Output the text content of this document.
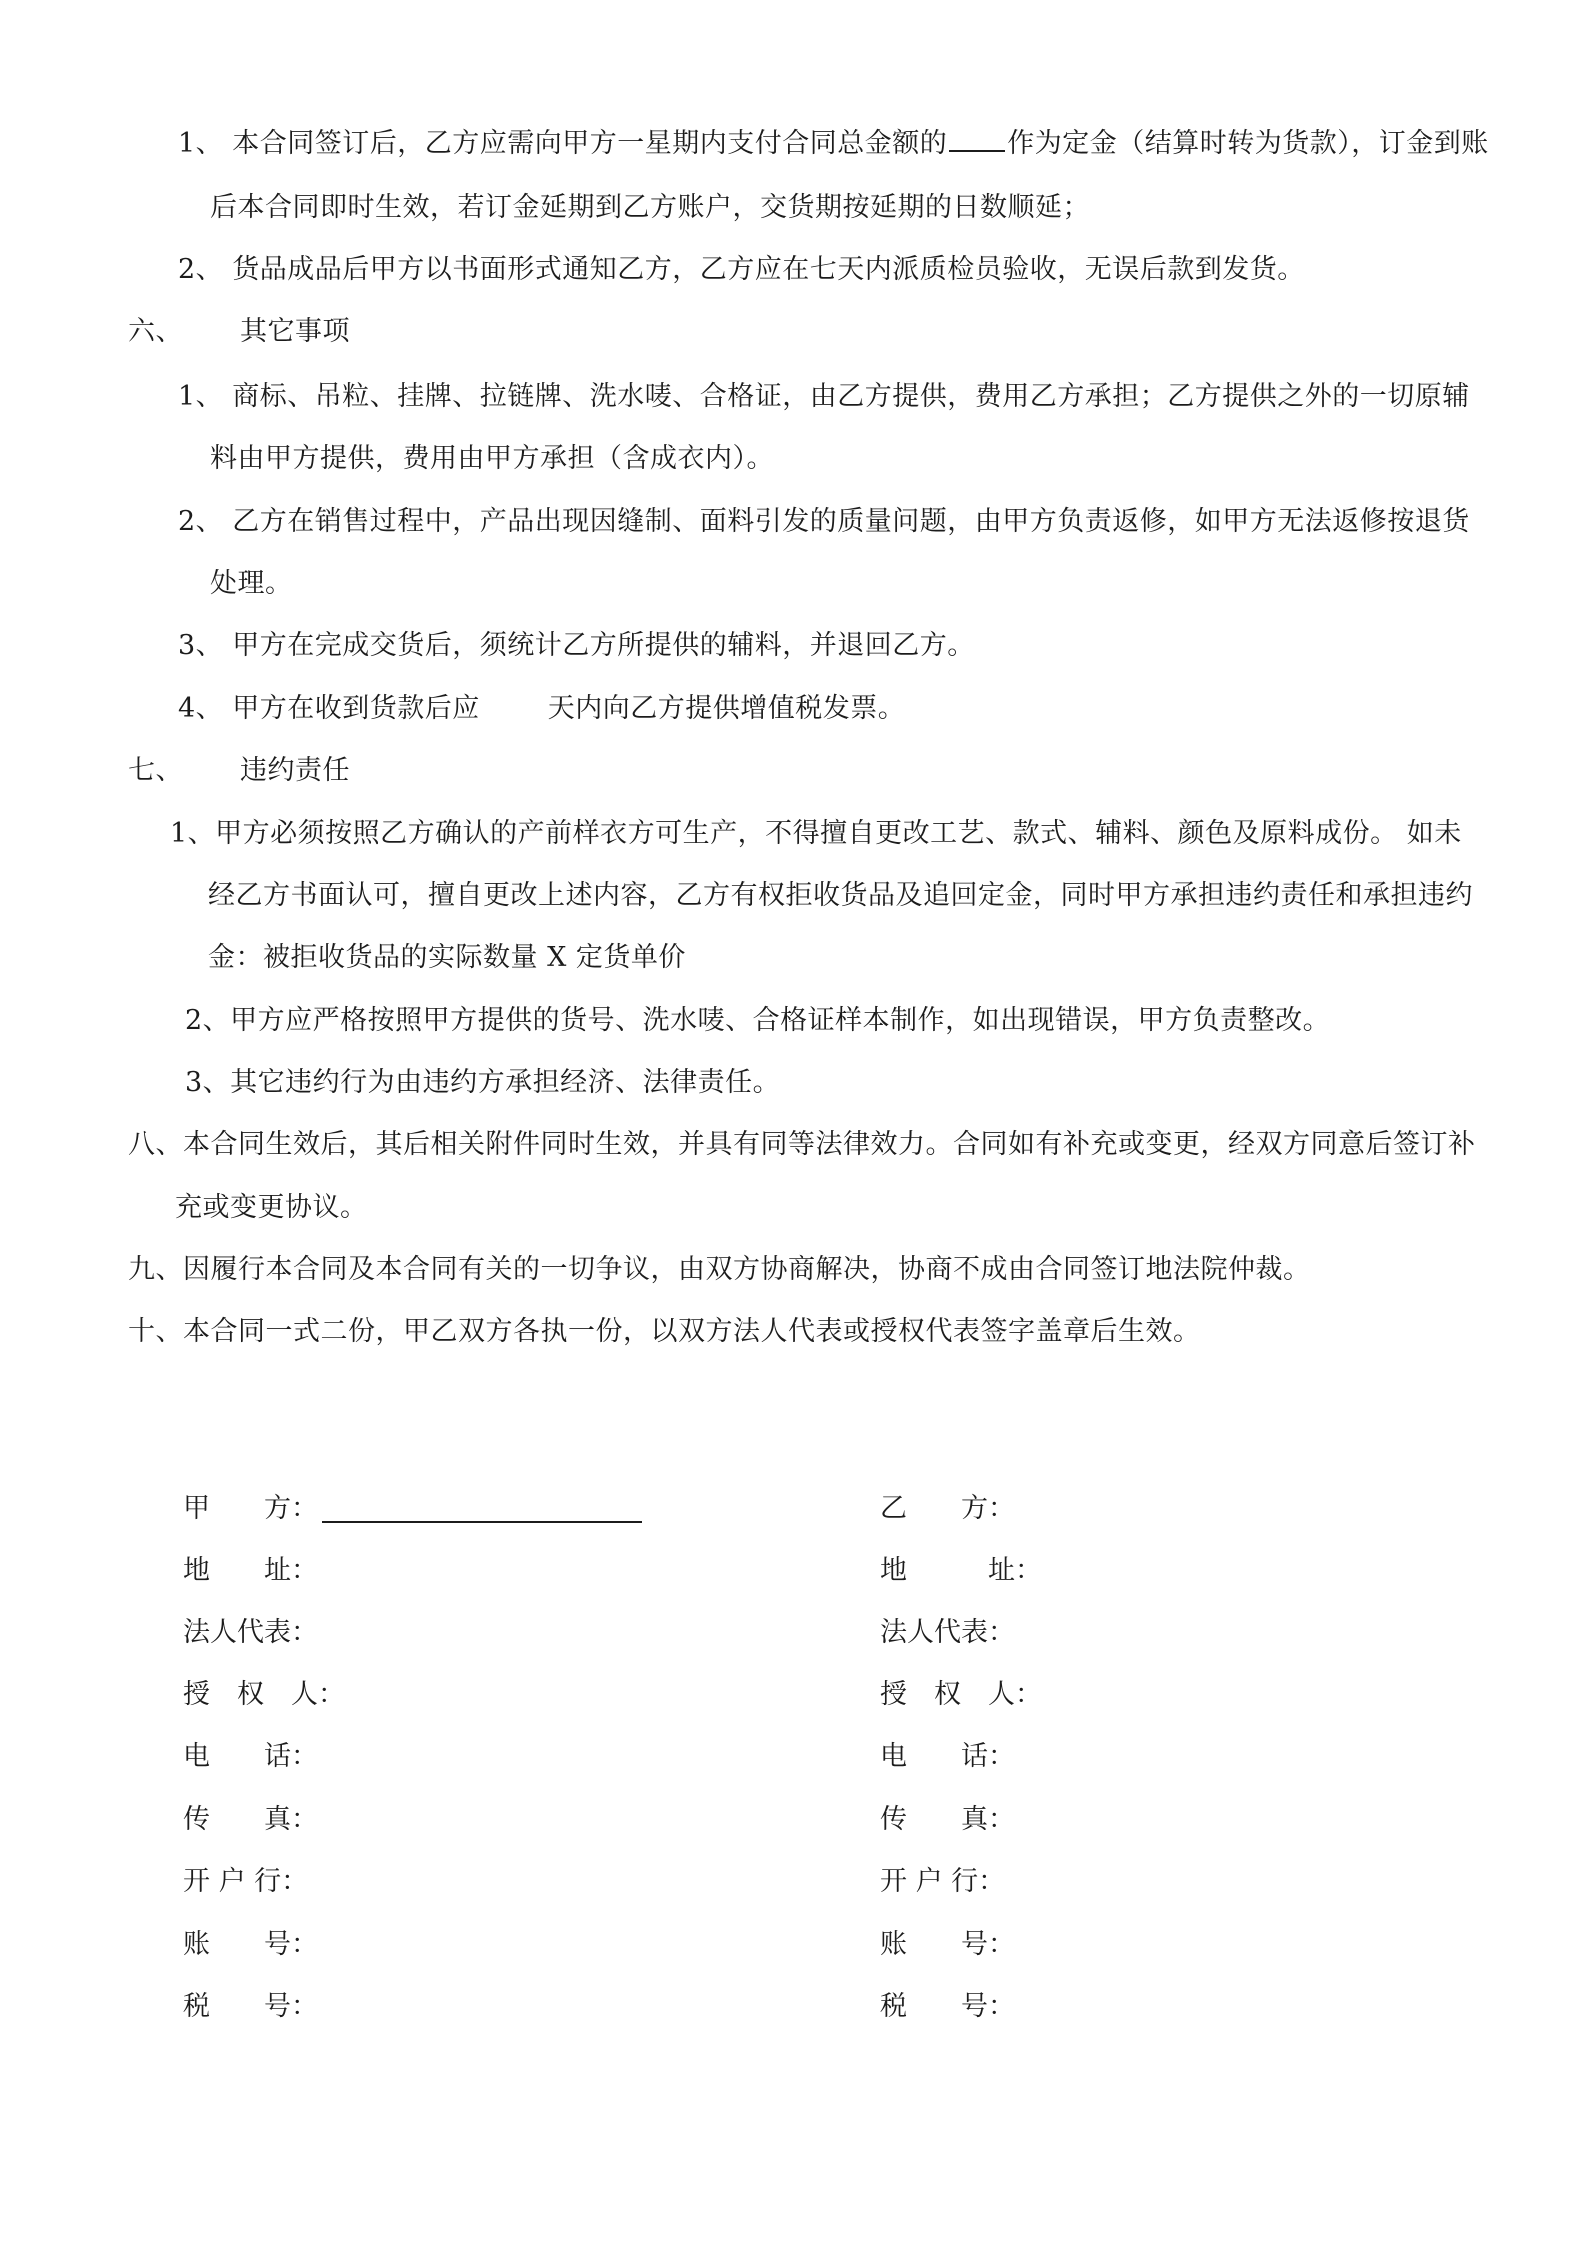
1、 本合同签订后，乙方应需向甲方一星期内支付合同总金额的 作为定金（结算时转为货款），订金到账
后本合同即时生效，若订金延期到乙方账户，交货期按延期的日数顺延；
2、 货品成品后甲方以书面形式通知乙方，乙方应在七天内派质检员验收，无误后款到发货。
六、 其它事项
1、 商标、吊粒、挂牌、拉链牌、洗水唛、合格证，由乙方提供，费用乙方承担；乙方提供之外的一切原辅
料由甲方提供，费用由甲方承担（含成衣内）。
2、 乙方在销售过程中，产品出现因缝制、面料引发的质量问题，由甲方负责返修，如甲方无法返修按退货
处理。
3、 甲方在完成交货后，须统计乙方所提供的辅料，并退回乙方。
4、 甲方在收到货款后应	天内向乙方提供增值税发票。
七、 违约责任
1、甲方必须按照乙方确认的产前样衣方可生产，不得擅自更改工艺、款式、辅料、颜色及原料成份。 如未
经乙方书面认可，擅自更改上述内容，乙方有权拒收货品及追回定金，同时甲方承担违约责任和承担违约
金：被拒收货品的实际数量 X 定货单价
2、甲方应严格按照甲方提供的货号、洗水唛、合格证样本制作，如出现错误，甲方负责整改。
3、其它违约行为由违约方承担经济、法律责任。
八、本合同生效后，其后相关附件同时生效，并具有同等法律效力。合同如有补充或变更，经双方同意后签订补
充或变更协议。
九、因履行本合同及本合同有关的一切争议，由双方协商解决，协商不成由合同签订地法院仲裁。
十、本合同一式二份，甲乙双方各执一份，以双方法人代表或授权代表签字盖章后生效。
甲　　方：
地　　址：
法人代表：
授　权　人：
电　　话：
传　　真：
开 户 行：
账　　号：
税　　号：
乙　　方：
地　　　址：
法人代表：
授　权　人：
电　　话：
传　　真：
开 户 行：
账　　号：
税　　号：
